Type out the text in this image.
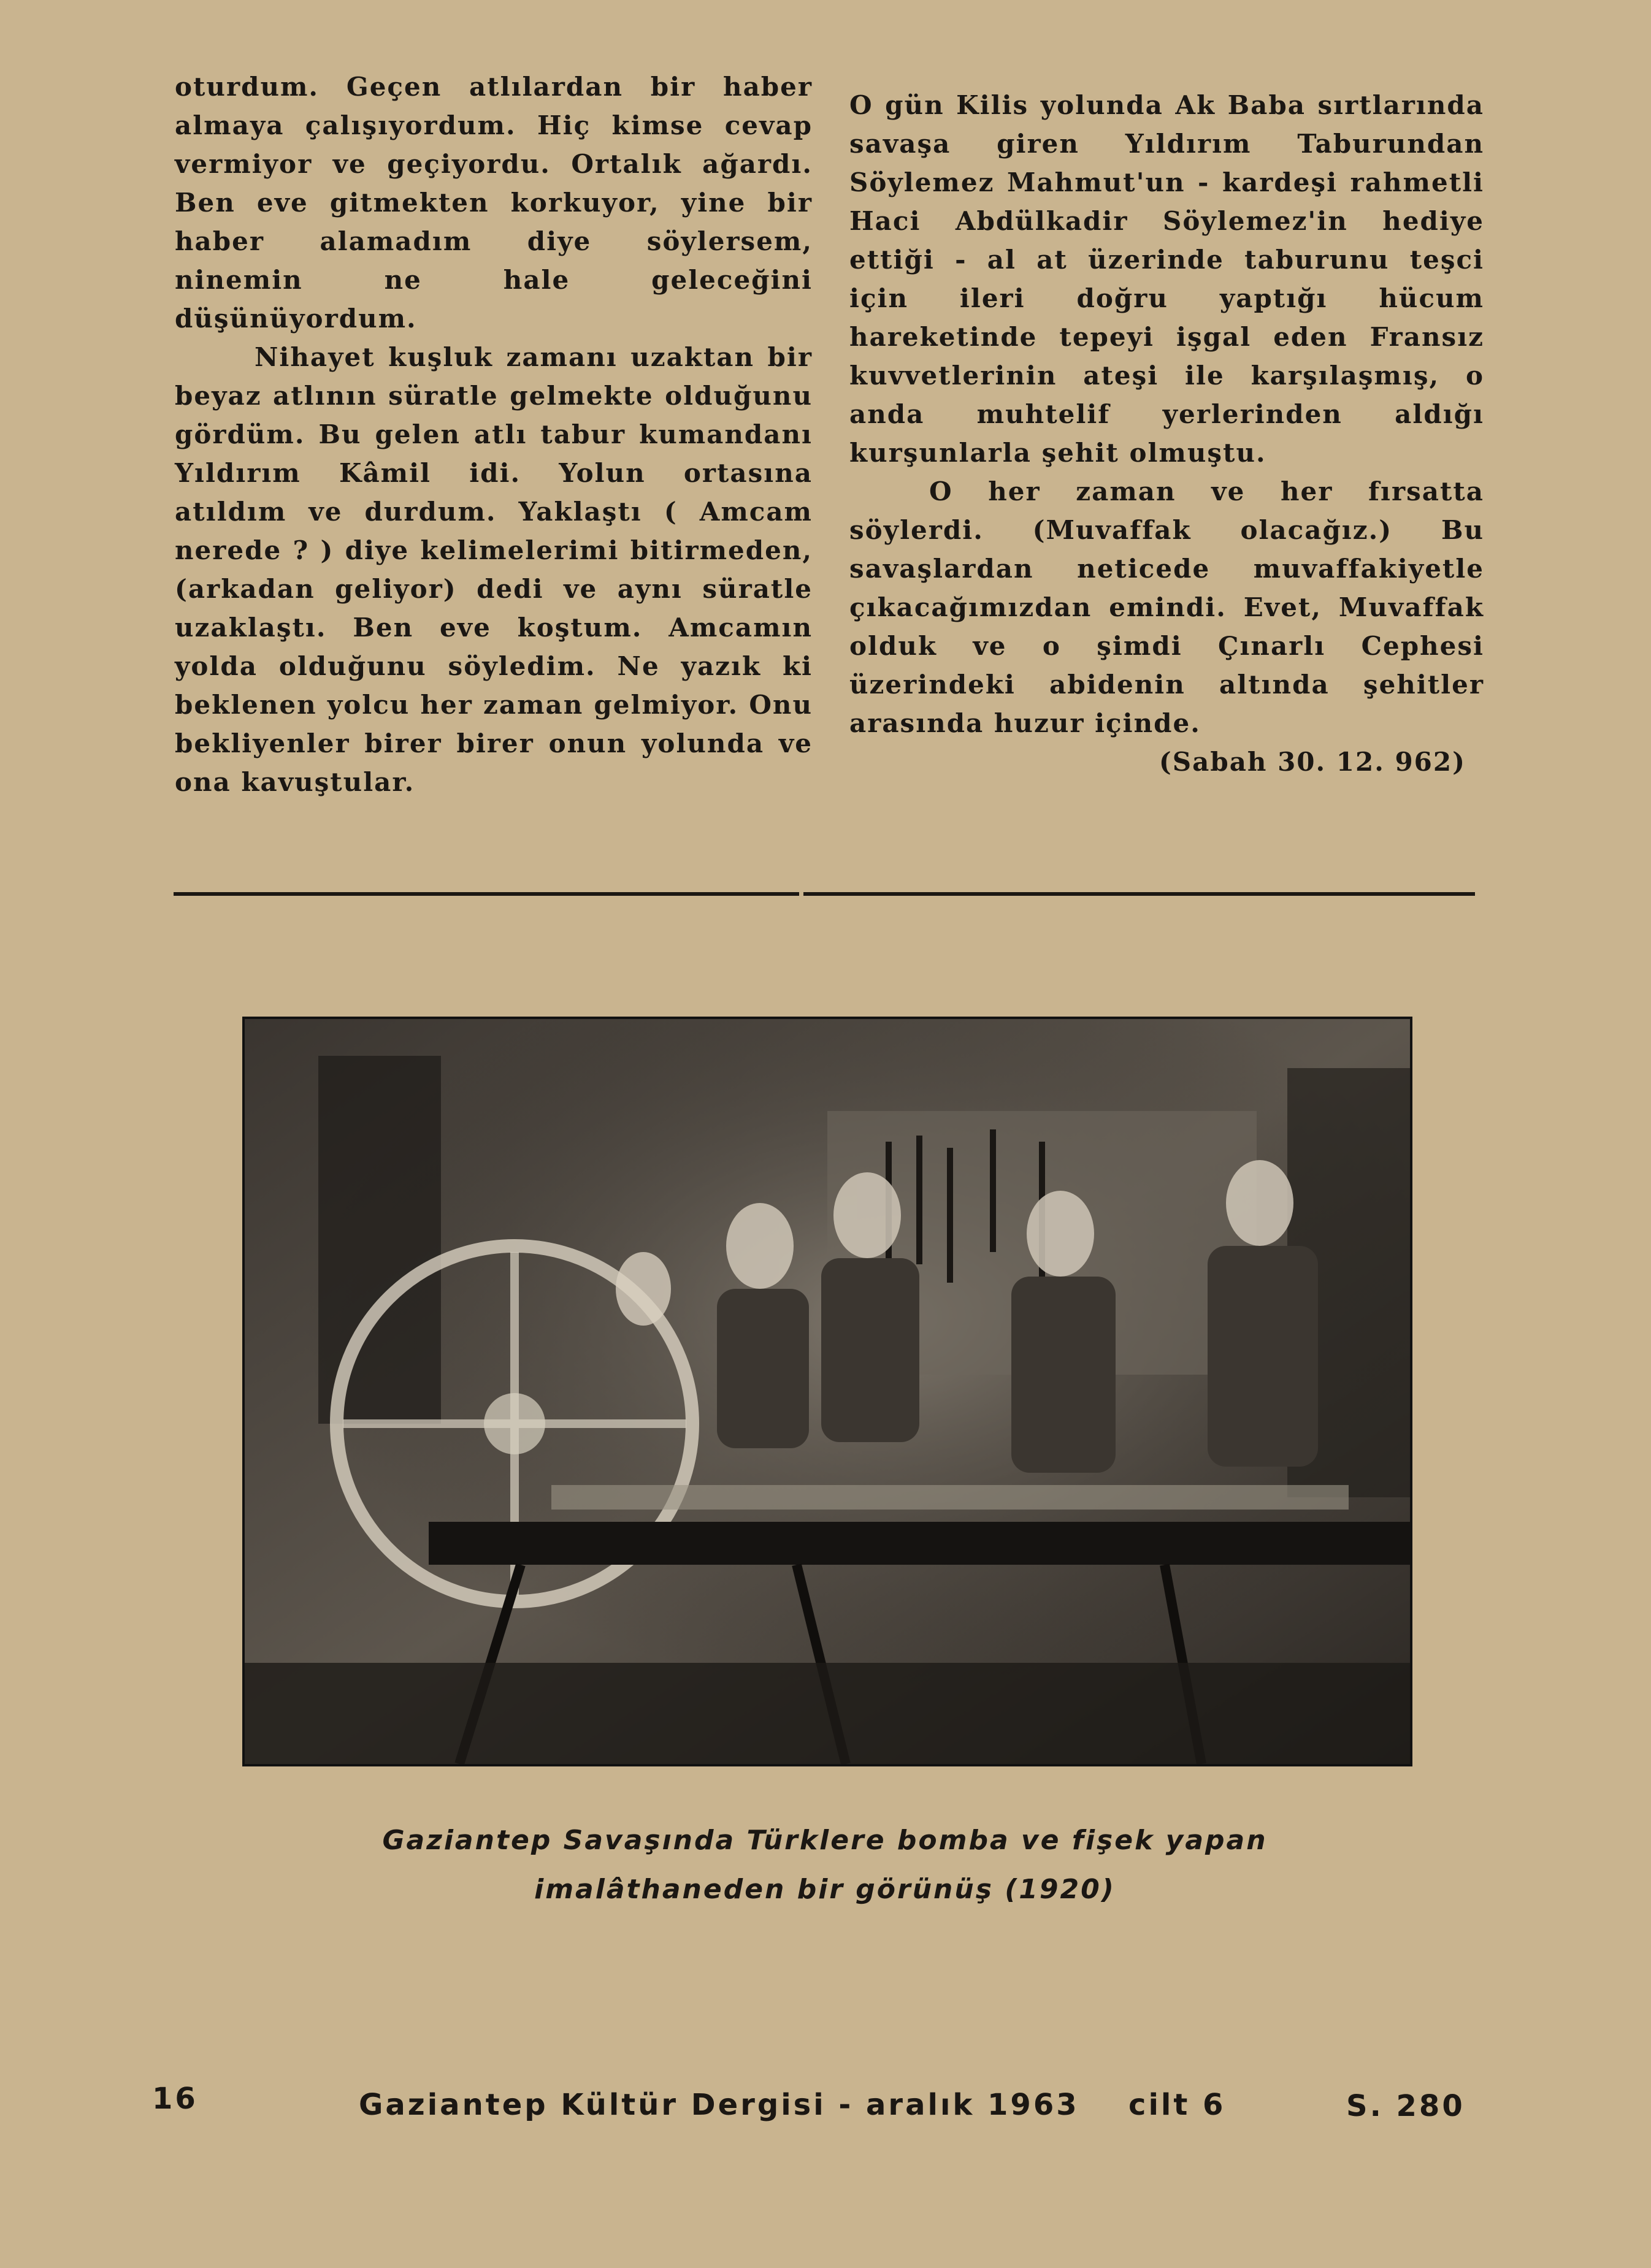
oturdum. Geçen atlılardan bir haber almaya çalışıyordum. Hiç kimse cevap vermiyor ve geçiyordu. Ortalık ağardı. Ben eve gitmekten korkuyor, yine bir haber alamadım diye söylersem, ninemin ne hale geleceğini düşünüyordum.

Nihayet kuşluk zamanı uzaktan bir beyaz atlının süratle gelmekte olduğunu gördüm. Bu gelen atlı tabur kumandanı Yıldırım Kâmil idi. Yolun ortasına atıldım ve durdum. Yaklaştı ( Amcam nerede ? ) diye kelimelerimi bitirmeden, (arkadan geliyor) dedi ve aynı süratle uzaklaştı. Ben eve koştum. Amcamın yolda olduğunu söyledim. Ne yazık ki beklenen yolcu her zaman gelmiyor. Onu bekliyenler birer birer onun yolunda ve ona kavuştular.

O gün Kilis yolunda Ak Baba sırtlarında savaşa giren Yıldırım Taburundan Söylemez Mahmut'un - kardeşi rahmetli Haci Abdülkadir Söylemez'in hediye ettiği - al at üzerinde taburunu teşci için ileri doğru yaptığı hücum hareketinde tepeyi işgal eden Fransız kuvvetlerinin ateşi ile karşılaşmış, o anda muhtelif yerlerinden aldığı kurşunlarla şehit olmuştu.

O her zaman ve her fırsatta söylerdi. (Muvaffak olacağız.) Bu savaşlardan neticede muvaffakiyetle çıkacağımızdan emindi. Evet, Muvaffak olduk ve o şimdi Çınarlı Cephesi üzerindeki abidenin altında şehitler arasında huzur içinde.

(Sabah 30. 12. 962)

Gaziantep Savaşında Türklere bomba ve fişek yapan
imalâthaneden bir görünüş (1920)
16	Gaziantep Kültür Dergisi - aralık 1963 cilt 6	S. 280
